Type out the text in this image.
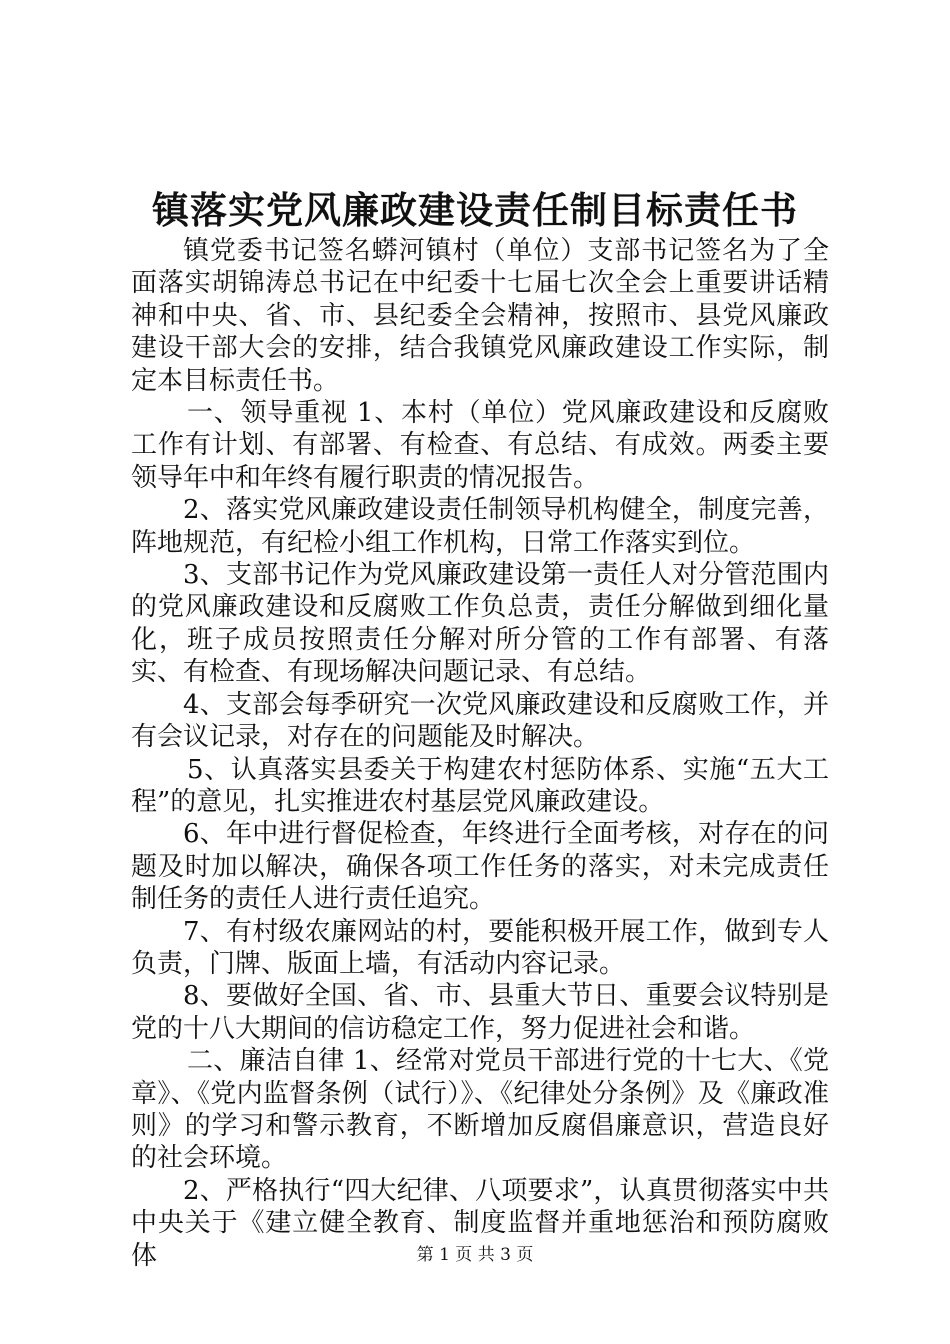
镇落实党风廉政建设责任制目标责任书

镇党委书记签名蟒河镇村（单位）支部书记签名为了全面落实胡锦涛总书记在中纪委十七届七次全会上重要讲话精神和中央、省、市、县纪委全会精神，按照市、县党风廉政建设干部大会的安排，结合我镇党风廉政建设工作实际，制定本目标责任书。

一、领导重视 1、本村（单位）党风廉政建设和反腐败工作有计划、有部署、有检查、有总结、有成效。两委主要领导年中和年终有履行职责的情况报告。

2、落实党风廉政建设责任制领导机构健全，制度完善，阵地规范，有纪检小组工作机构，日常工作落实到位。

3、支部书记作为党风廉政建设第一责任人对分管范围内的党风廉政建设和反腐败工作负总责，责任分解做到细化量化，班子成员按照责任分解对所分管的工作有部署、有落实、有检查、有现场解决问题记录、有总结。

4、支部会每季研究一次党风廉政建设和反腐败工作，并有会议记录，对存在的问题能及时解决。

5、认真落实县委关于构建农村惩防体系、实施“五大工程”的意见，扎实推进农村基层党风廉政建设。

6、年中进行督促检查，年终进行全面考核，对存在的问题及时加以解决，确保各项工作任务的落实，对未完成责任制任务的责任人进行责任追究。

7、有村级农廉网站的村，要能积极开展工作，做到专人负责，门牌、版面上墙，有活动内容记录。

8、要做好全国、省、市、县重大节日、重要会议特别是党的十八大期间的信访稳定工作，努力促进社会和谐。

二、廉洁自律 1、经常对党员干部进行党的十七大、《党章》、《党内监督条例（试行）》、《纪律处分条例》及《廉政准则》的学习和警示教育，不断增加反腐倡廉意识，营造良好的社会环境。

2、严格执行“四大纪律、八项要求”，认真贯彻落实中共中央关于《建立健全教育、制度监督并重地惩治和预防腐败体	第 1 页 共 3 页
